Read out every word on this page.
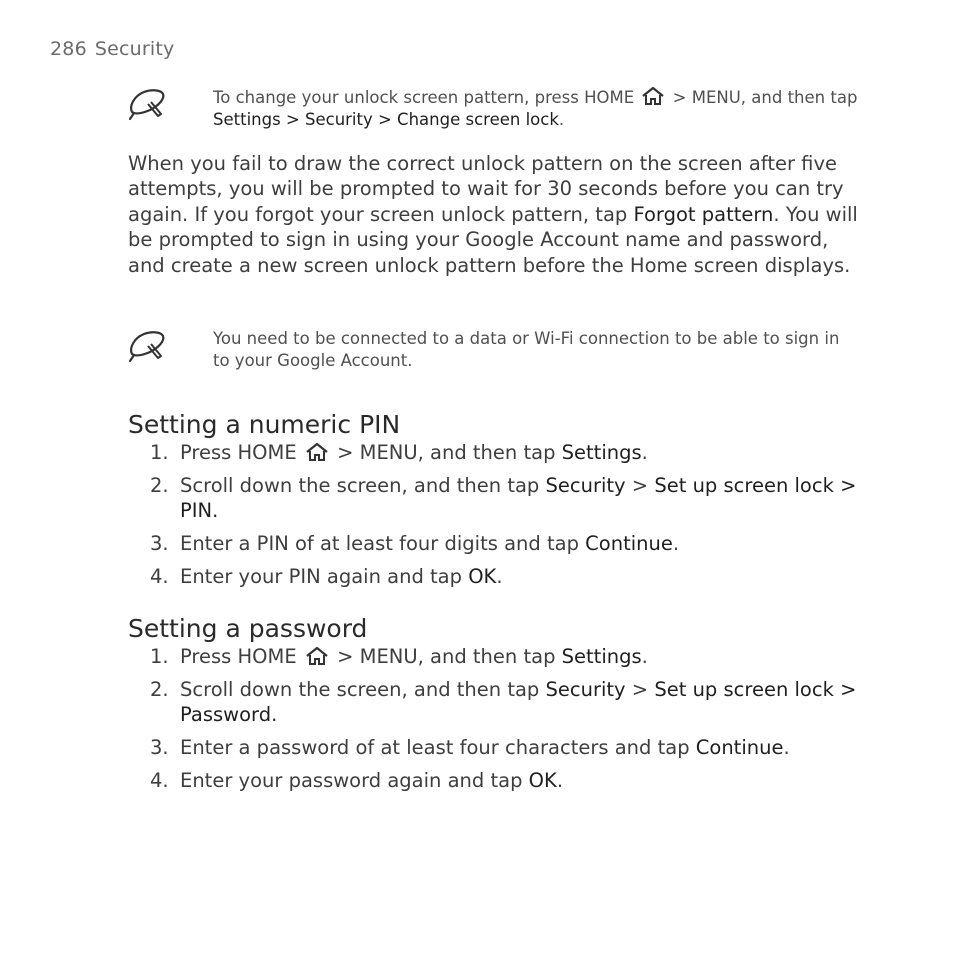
286 Security
To change your unlock screen pattern, press HOME  > MENU, and then tap Settings > Security > Change screen lock.
When you fail to draw the correct unlock pattern on the screen after five attempts, you will be prompted to wait for 30 seconds before you can try again. If you forgot your screen unlock pattern, tap Forgot pattern. You will be prompted to sign in using your Google Account name and password, and create a new screen unlock pattern before the Home screen displays.
You need to be connected to a data or Wi-Fi connection to be able to sign in to your Google Account.
Setting a numeric PIN
1. Press HOME  > MENU, and then tap Settings.
2. Scroll down the screen, and then tap Security > Set up screen lock > PIN.
3. Enter a PIN of at least four digits and tap Continue.
4. Enter your PIN again and tap OK.
Setting a password
1. Press HOME  > MENU, and then tap Settings.
2. Scroll down the screen, and then tap Security > Set up screen lock > Password.
3. Enter a password of at least four characters and tap Continue.
4. Enter your password again and tap OK.
